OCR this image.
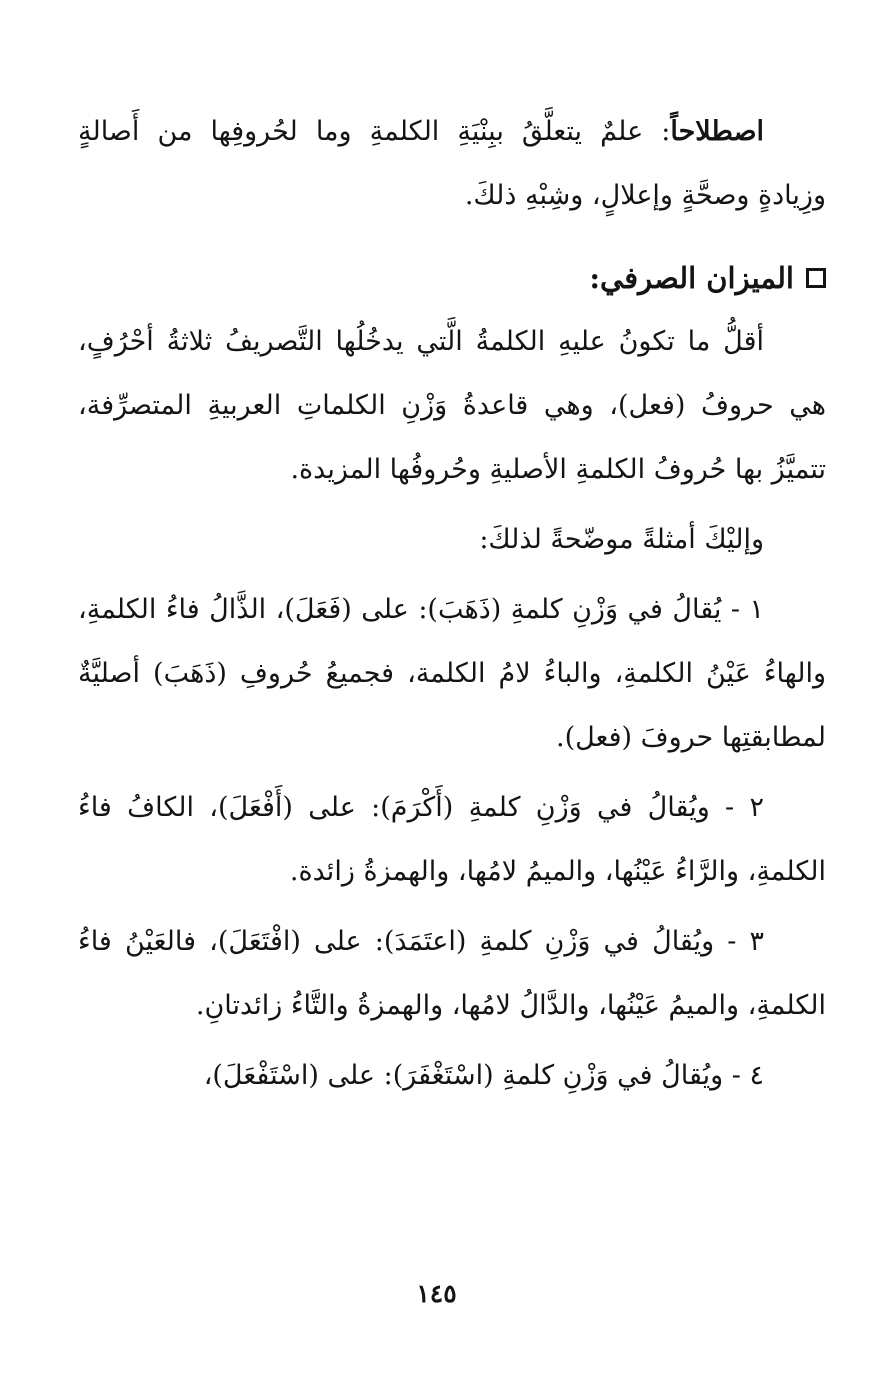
اصطلاحاً: علمٌ يتعلَّقُ ببِنْيَةِ الكلمةِ وما لحُروفِها من أَصالةٍ وزِيادةٍ وصحَّةٍ وإعلالٍ، وشِبْهِ ذلكَ.

الميزان الصرفي:

أقلُّ ما تكونُ عليهِ الكلمةُ الَّتي يدخُلُها التَّصريفُ ثلاثةُ أحْرُفٍ، هي حروفُ (فعل)، وهي قاعدةُ وَزْنِ الكلماتِ العربيةِ المتصرِّفة، تتميَّزُ بها حُروفُ الكلمةِ الأصليةِ وحُروفُها المزيدة.

وإليْكَ أمثلةً موضّحةً لذلكَ:

١ - يُقالُ في وَزْنِ كلمةِ (ذَهَبَ): على (فَعَلَ)، الذَّالُ فاءُ الكلمةِ، والهاءُ عَيْنُ الكلمةِ، والباءُ لامُ الكلمة، فجميعُ حُروفِ (ذَهَبَ) أصليَّةٌ لمطابقتِها حروفَ (فعل).

٢ - ويُقالُ في وَزْنِ كلمةِ (أَكْرَمَ): على (أَفْعَلَ)، الكافُ فاءُ الكلمةِ، والرَّاءُ عَيْنُها، والميمُ لامُها، والهمزةُ زائدة.

٣ - ويُقالُ في وَزْنِ كلمةِ (اعتَمَدَ): على (افْتَعَلَ)، فالعَيْنُ فاءُ الكلمةِ، والميمُ عَيْنُها، والدَّالُ لامُها، والهمزةُ والتَّاءُ زائدتانِ.

٤ - ويُقالُ في وَزْنِ كلمةِ (اسْتَغْفَرَ): على (اسْتَفْعَلَ)،

١٤٥
